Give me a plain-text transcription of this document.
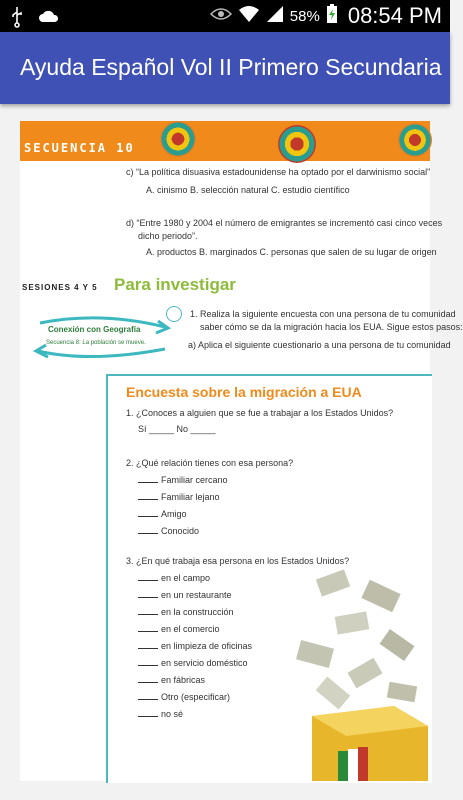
58% 08:54 PM
Ayuda Español Vol II Primero Secundaria
SECUENCIA 10
c) “La política disuasiva estadounidense ha optado por el darwinismo social”
A. cinismo B. selección natural C. estudio científico
d) “Entre 1980 y 2004 el número de emigrantes se incrementó casi cinco veces
dicho periodo”.
A. productos B. marginados C. personas que salen de su lugar de origen
SESIONES 4 Y 5 Para investigar
Conexión con Geografía
Secuencia 8: La población se mueve.
1. Realiza la siguiente encuesta con una persona de tu comunidad
saber cómo se da la migración hacia los EUA. Sigue estos pasos:
a) Aplica el siguiente cuestionario a una persona de tu comunidad
Encuesta sobre la migración a EUA
1. ¿Conoces a alguien que se fue a trabajar a los Estados Unidos?
Sí _____ No _____
2. ¿Qué relación tienes con esa persona?
Familiar cercano
Familiar lejano
Amigo
Conocido
3. ¿En qué trabaja esa persona en los Estados Unidos?
en el campo
en un restaurante
en la construcción
en el comercio
en limpieza de oficinas
en servicio doméstico
en fábricas
Otro (especificar)
no sé
